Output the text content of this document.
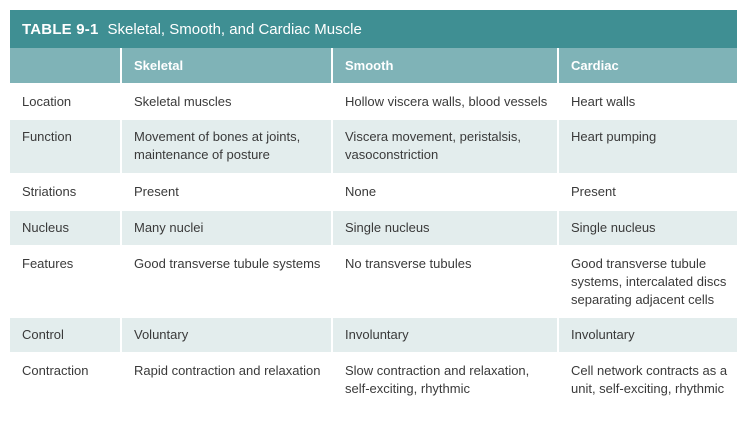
TABLE 9-1 Skeletal, Smooth, and Cardiac Muscle
	Skeletal	Smooth	Cardiac
Location	Skeletal muscles	Hollow viscera walls, blood vessels	Heart walls
Function	Movement of bones at joints, maintenance of posture	Viscera movement, peristalsis, vasoconstriction	Heart pumping
Striations	Present	None	Present
Nucleus	Many nuclei	Single nucleus	Single nucleus
Features	Good transverse tubule systems	No transverse tubules	Good transverse tubule systems, intercalated discs separating adjacent cells
Control	Voluntary	Involuntary	Involuntary
Contraction	Rapid contraction and relaxation	Slow contraction and relaxation, self-exciting, rhythmic	Cell network contracts as a unit, self-exciting, rhythmic
